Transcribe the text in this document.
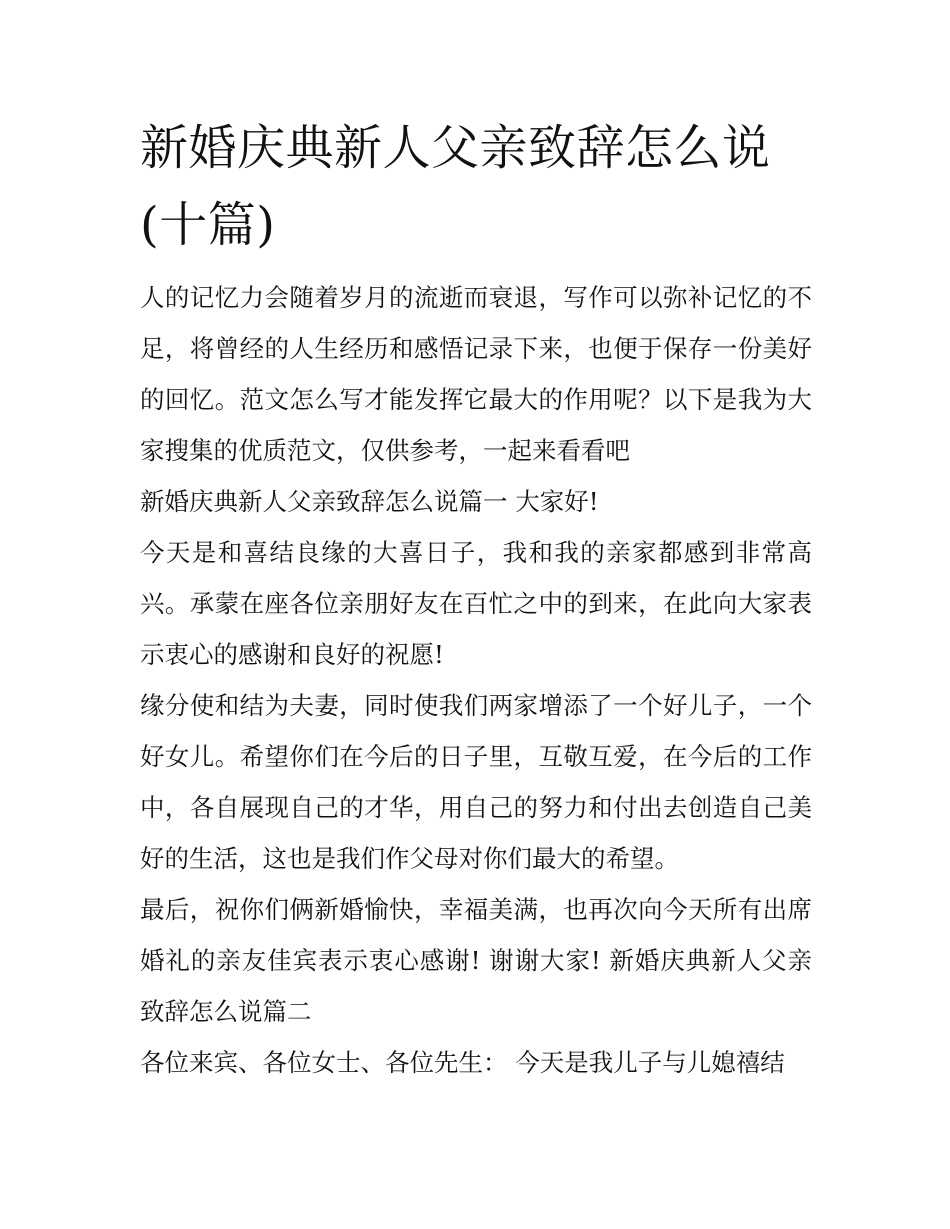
新婚庆典新人父亲致辞怎么说(十篇)

人的记忆力会随着岁月的流逝而衰退，写作可以弥补记忆的不足，将曾经的人生经历和感悟记录下来，也便于保存一份美好的回忆。范文怎么写才能发挥它最大的作用呢？以下是我为大家搜集的优质范文，仅供参考，一起来看看吧

新婚庆典新人父亲致辞怎么说篇一 大家好!

今天是和喜结良缘的大喜日子，我和我的亲家都感到非常高兴。承蒙在座各位亲朋好友在百忙之中的到来，在此向大家表示衷心的感谢和良好的祝愿!

缘分使和结为夫妻，同时使我们两家增添了一个好儿子，一个好女儿。希望你们在今后的日子里，互敬互爱，在今后的工作中，各自展现自己的才华，用自己的努力和付出去创造自己美好的生活，这也是我们作父母对你们最大的希望。

最后，祝你们俩新婚愉快，幸福美满，也再次向今天所有出席婚礼的亲友佳宾表示衷心感谢! 谢谢大家! 新婚庆典新人父亲致辞怎么说篇二

各位来宾、各位女士、各位先生： 今天是我儿子与儿媳禧结
